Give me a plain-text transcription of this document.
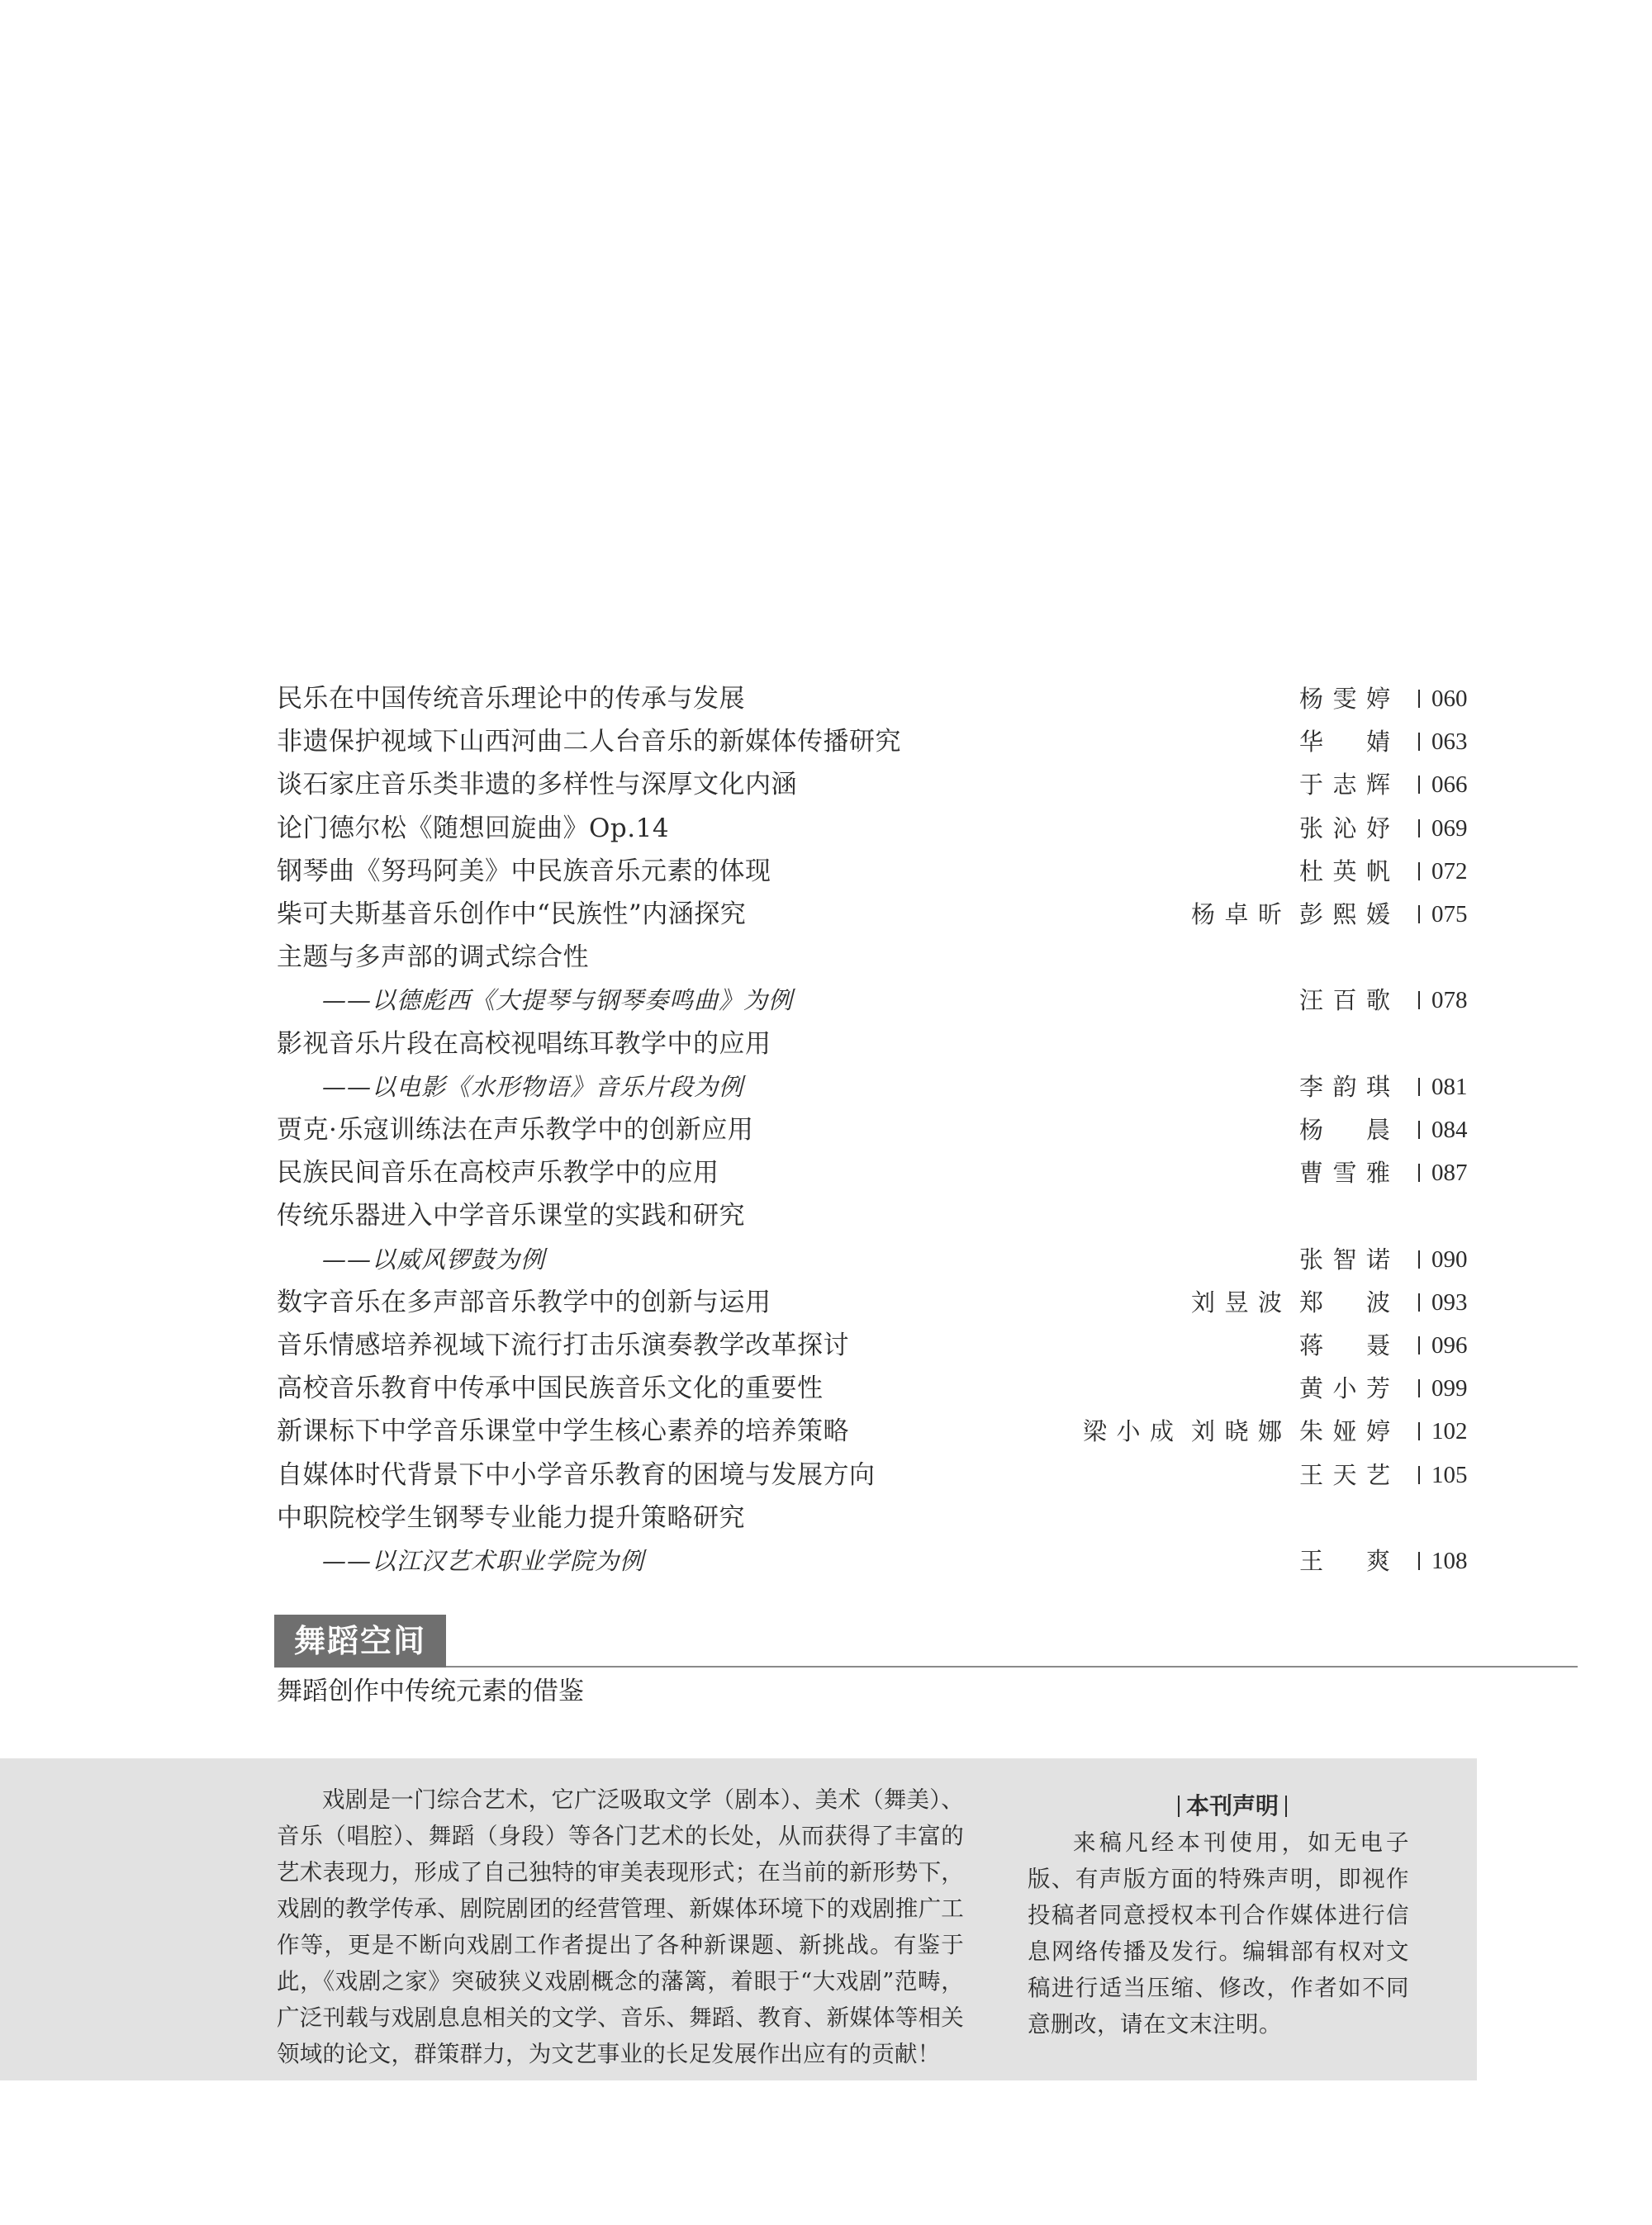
民乐在中国传统音乐理论中的传承与发展	杨雯婷 060
非遗保护视域下山西河曲二人台音乐的新媒体传播研究	华 婧 063
谈石家庄音乐类非遗的多样性与深厚文化内涵	于志辉 066
论门德尔松《随想回旋曲》Op.14	张沁妤 069
钢琴曲《努玛阿美》中民族音乐元素的体现	杜英帆 072
柴可夫斯基音乐创作中“民族性”内涵探究	杨卓昕 彭熙媛 075
主题与多声部的调式综合性
——以德彪西《大提琴与钢琴奏鸣曲》为例	汪百歌 078
影视音乐片段在高校视唱练耳教学中的应用
——以电影《水形物语》音乐片段为例	李韵琪 081
贾克·乐寇训练法在声乐教学中的创新应用	杨 晨 084
民族民间音乐在高校声乐教学中的应用	曹雪雅 087
传统乐器进入中学音乐课堂的实践和研究
——以威风锣鼓为例	张智诺 090
数字音乐在多声部音乐教学中的创新与运用	刘昱波 郑 波 093
音乐情感培养视域下流行打击乐演奏教学改革探讨	蒋 聂 096
高校音乐教育中传承中国民族音乐文化的重要性	黄小芳 099
新课标下中学音乐课堂中学生核心素养的培养策略	梁小成 刘晓娜 朱娅婷 102
自媒体时代背景下中小学音乐教育的困境与发展方向	王天艺 105
中职院校学生钢琴专业能力提升策略研究
——以江汉艺术职业学院为例	王 爽 108
舞蹈空间
舞蹈创作中传统元素的借鉴
戏剧是一门综合艺术，它广泛吸取文学（剧本）、美术（舞美）、音乐（唱腔）、舞蹈（身段）等各门艺术的长处，从而获得了丰富的艺术表现力，形成了自己独特的审美表现形式；在当前的新形势下，戏剧的教学传承、剧院剧团的经营管理、新媒体环境下的戏剧推广工作等，更是不断向戏剧工作者提出了各种新课题、新挑战。有鉴于此，《戏剧之家》突破狭义戏剧概念的藩篱，着眼于“大戏剧”范畴，广泛刊载与戏剧息息相关的文学、音乐、舞蹈、教育、新媒体等相关领域的论文，群策群力，为文艺事业的长足发展作出应有的贡献！
本刊声明
来稿凡经本刊使用，如无电子版、有声版方面的特殊声明，即视作投稿者同意授权本刊合作媒体进行信息网络传播及发行。编辑部有权对文稿进行适当压缩、修改，作者如不同意删改，请在文末注明。
